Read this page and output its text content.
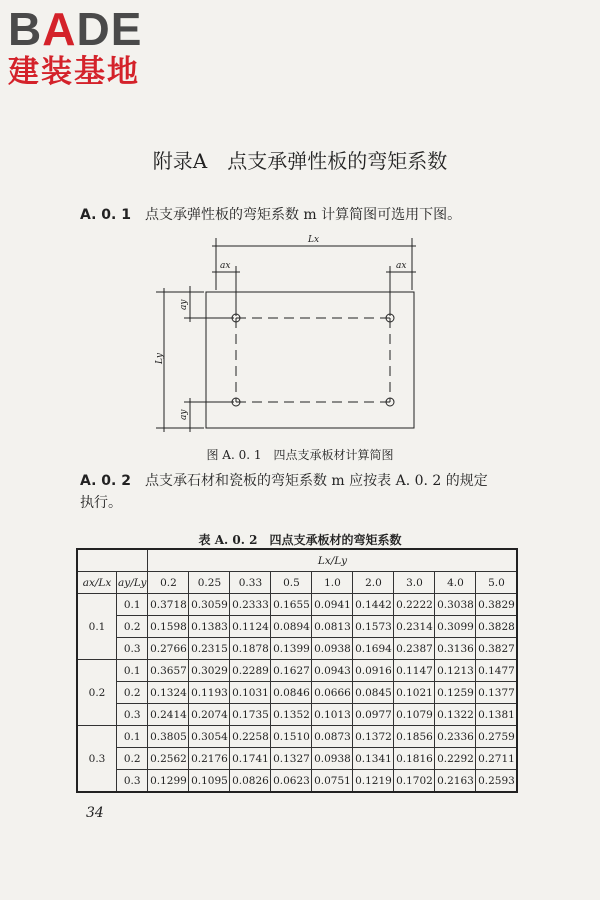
BADE
建装基地
附录A　点支承弹性板的弯矩系数
A. 0. 1 点支承弹性板的弯矩系数 m 计算简图可选用下图。
Lx
ax	ax
Ly
ay
ay
图 A. 0. 1　四点支承板材计算简图
A. 0. 2 点支承石材和瓷板的弯矩系数 m 应按表 A. 0. 2 的规定
执行。
表 A. 0. 2　四点支承板材的弯矩系数
		Lx/Ly								
ax/Lx	ay/Ly	0.2	0.25	0.33	0.5	1.0	2.0	3.0	4.0	5.0
0.1	0.1	0.3718	0.3059	0.2333	0.1655	0.0941	0.1442	0.2222	0.3038	0.3829
	0.2	0.1598	0.1383	0.1124	0.0894	0.0813	0.1573	0.2314	0.3099	0.3828
	0.3	0.2766	0.2315	0.1878	0.1399	0.0938	0.1694	0.2387	0.3136	0.3827
0.2	0.1	0.3657	0.3029	0.2289	0.1627	0.0943	0.0916	0.1147	0.1213	0.1477
	0.2	0.1324	0.1193	0.1031	0.0846	0.0666	0.0845	0.1021	0.1259	0.1377
	0.3	0.2414	0.2074	0.1735	0.1352	0.1013	0.0977	0.1079	0.1322	0.1381
0.3	0.1	0.3805	0.3054	0.2258	0.1510	0.0873	0.1372	0.1856	0.2336	0.2759
	0.2	0.2562	0.2176	0.1741	0.1327	0.0938	0.1341	0.1816	0.2292	0.2711
	0.3	0.1299	0.1095	0.0826	0.0623	0.0751	0.1219	0.1702	0.2163	0.2593
34
